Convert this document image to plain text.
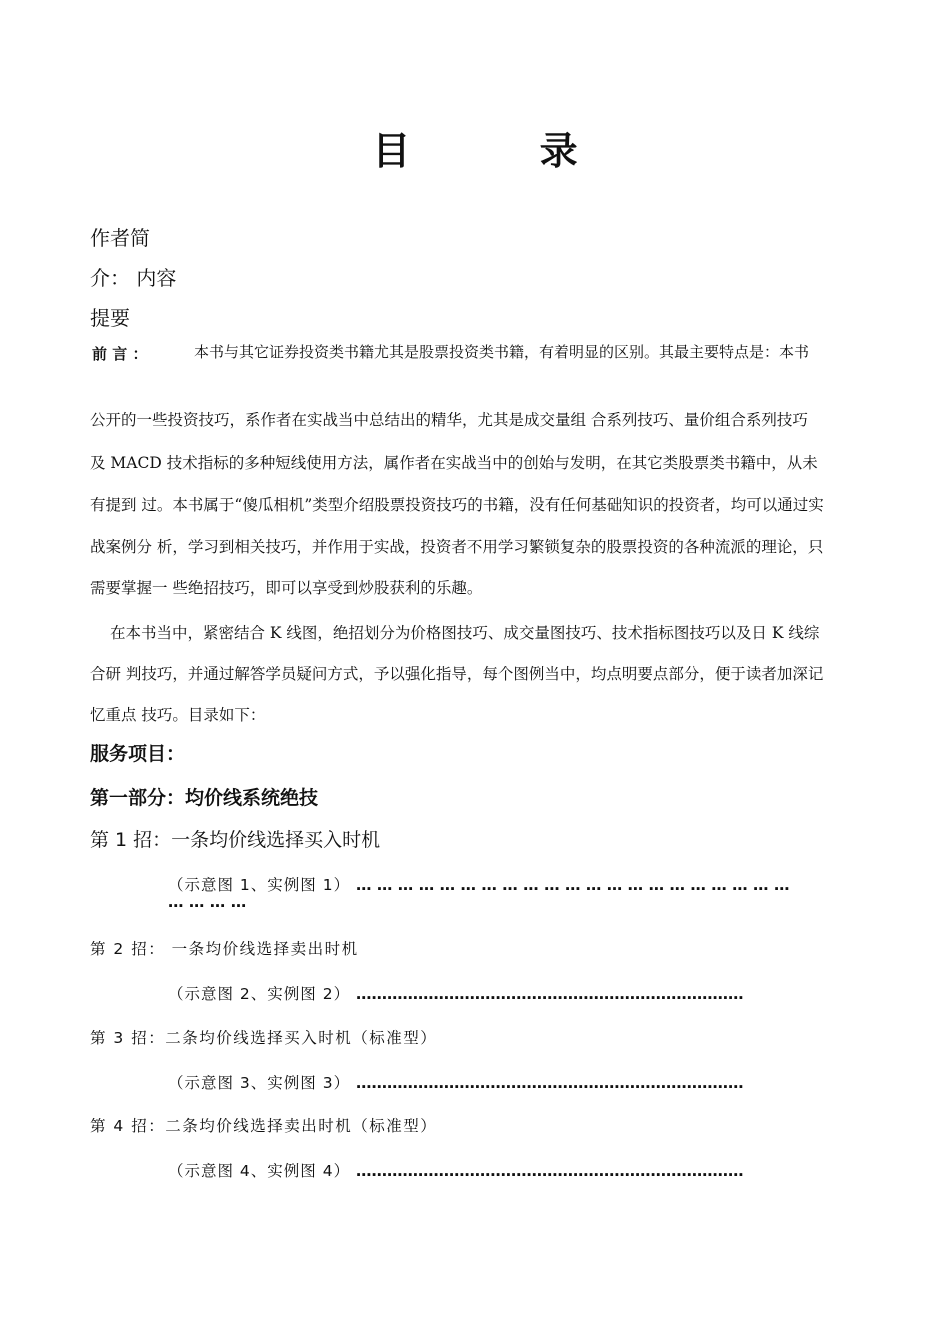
目 录
作者简
介： 内容
提要
前 言 ：	本书与其它证券投资类书籍尤其是股票投资类书籍，有着明显的区别。其最主要特点是：本书
公开的一些投资技巧，系作者在实战当中总结出的精华，尤其是成交量组 合系列技巧、量价组合系列技巧
及 MACD 技术指标的多种短线使用方法，属作者在实战当中的创始与发明，在其它类股票类书籍中，从未
有提到 过。本书属于“傻瓜相机”类型介绍股票投资技巧的书籍，没有任何基础知识的投资者，均可以通过实
战案例分 析，学习到相关技巧，并作用于实战，投资者不用学习繁锁复杂的股票投资的各种流派的理论，只
需要掌握一 些绝招技巧，即可以享受到炒股获利的乐趣。
在本书当中，紧密结合 K 线图，绝招划分为价格图技巧、成交量图技巧、技术指标图技巧以及日 K 线综
合研 判技巧，并通过解答学员疑问方式，予以强化指导，每个图例当中，均点明要点部分，便于读者加深记
忆重点 技巧。目录如下：
服务项目：
第一部分：均价线系统绝技
第 1 招：一条均价线选择买入时机
（示意图 1、实例图 1） … … … … … … … … … … … … … … … … … … … … …
… … … …
第 2 招： 一条均价线选择卖出时机
（示意图 2、实例图 2） …………………………………………………………………
第 3 招：二条均价线选择买入时机（标准型）
（示意图 3、实例图 3） …………………………………………………………………
第 4 招：二条均价线选择卖出时机（标准型）
（示意图 4、实例图 4） …………………………………………………………………
